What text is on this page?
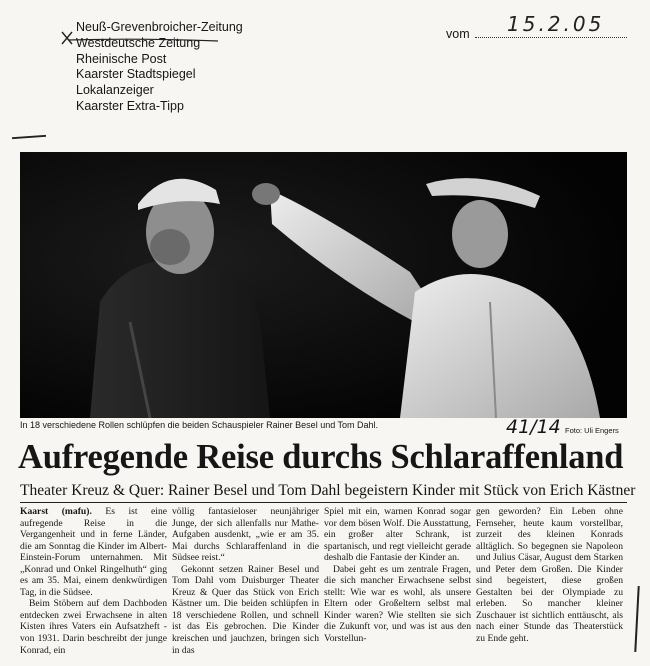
Neuß-Grevenbroicher-Zeitung
Westdeutsche Zeitung
Rheinische Post
Kaarster Stadtspiegel
Lokalanzeiger
Kaarster Extra-Tipp
vom 15.2.05
In 18 verschiedene Rollen schlüpfen die beiden Schauspieler Rainer Besel und Tom Dahl.	41/14 Foto: Uli Engers
Aufregende Reise durchs Schlaraffenland
Theater Kreuz & Quer: Rainer Besel und Tom Dahl begeistern Kinder mit Stück von Erich Kästner

Kaarst (mafu). Es ist eine aufregende Reise in die Vergangenheit und in ferne Länder, die am Sonntag die Kinder im Albert-Einstein-Forum unternahmen. Mit „Konrad und Onkel Ringelhuth“ ging es am 35. Mai, einem denkwürdigen Tag, in die Südsee.

Beim Stöbern auf dem Dachboden entdecken zwei Erwachsene in alten Kisten ihres Vaters ein Aufsatzheft - von 1931. Darin beschreibt der junge Konrad, ein

völlig fantasieloser neunjähriger Junge, der sich allenfalls nur Mathe-Aufgaben ausdenkt, „wie er am 35. Mai durchs Schlaraffenland in die Südsee reist.“

Gekonnt setzen Rainer Besel und Tom Dahl vom Duisburger Theater Kreuz & Quer das Stück von Erich Kästner um. Die beiden schlüpfen in 18 verschiedene Rollen, und schnell ist das Eis gebrochen. Die Kinder kreischen und jauchzen, bringen sich in das

Spiel mit ein, warnen Konrad sogar vor dem bösen Wolf. Die Ausstattung, ein großer alter Schrank, ist spartanisch, und regt vielleicht gerade deshalb die Fantasie der Kinder an.

Dabei geht es um zentrale Fragen, die sich mancher Erwachsene selbst stellt: Wie war es wohl, als unsere Eltern oder Großeltern selbst mal Kinder waren? Wie stellten sie sich die Zukunft vor, und was ist aus den Vorstellun-

gen geworden? Ein Leben ohne Fernseher, heute kaum vorstellbar, zurzeit des kleinen Konrads alltäglich. So begegnen sie Napoleon und Julius Cäsar, August dem Starken und Peter dem Großen. Die Kinder sind begeistert, diese großen Gestalten bei der Olympiade zu erleben. So mancher kleiner Zuschauer ist sichtlich enttäuscht, als nach einer Stunde das Theaterstück zu Ende geht.
